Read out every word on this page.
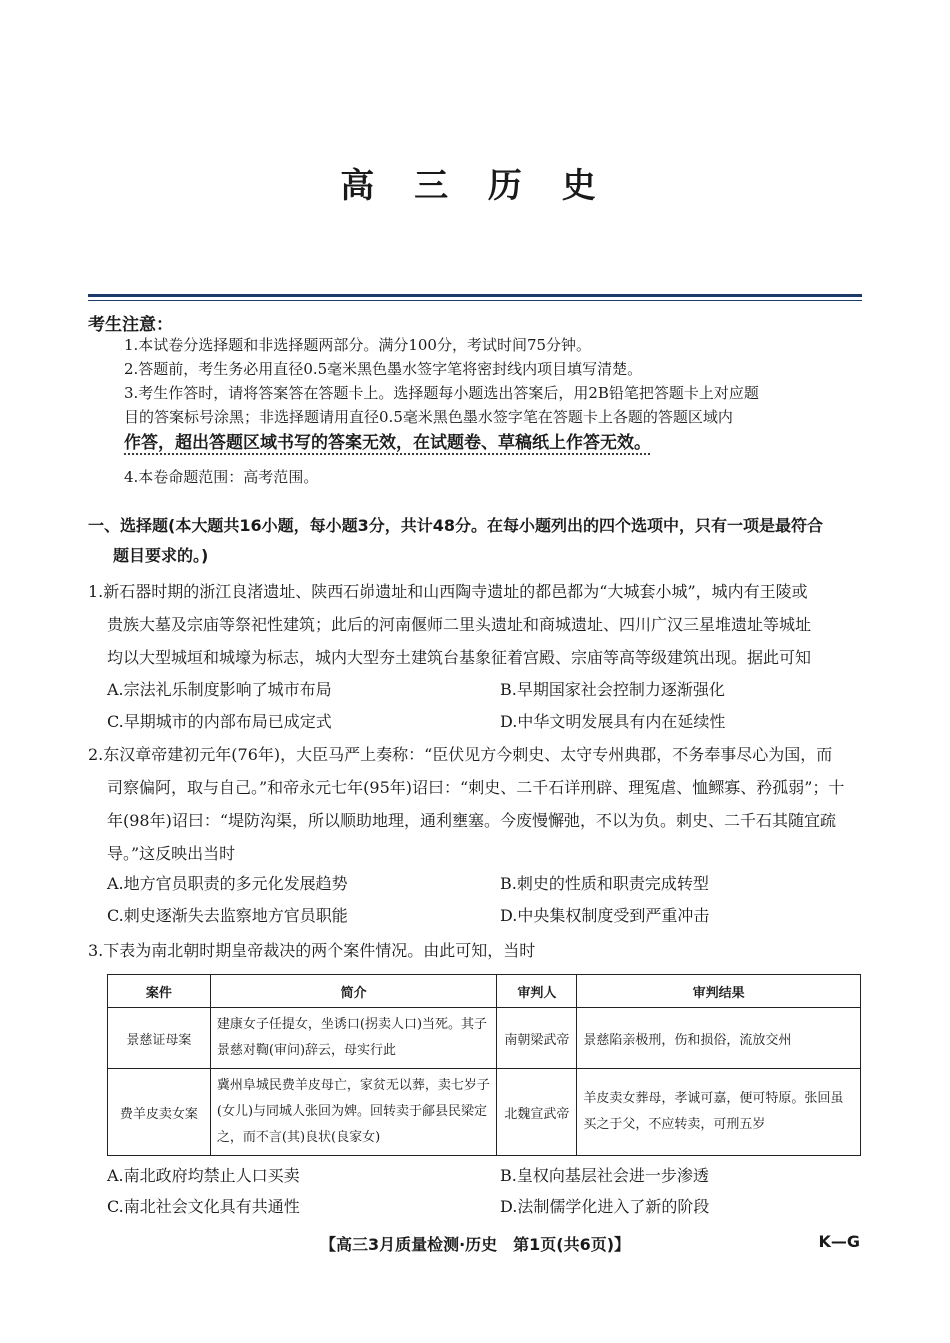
高 三 历 史
考生注意：
1.本试卷分选择题和非选择题两部分。满分100分，考试时间75分钟。
2.答题前，考生务必用直径0.5毫米黑色墨水签字笔将密封线内项目填写清楚。
3.考生作答时，请将答案答在答题卡上。选择题每小题选出答案后，用2B铅笔把答题卡上对应题
目的答案标号涂黑；非选择题请用直径0.5毫米黑色墨水签字笔在答题卡上各题的答题区域内
作答，超出答题区域书写的答案无效，在试题卷、草稿纸上作答无效。
4.本卷命题范围：高考范围。
一、选择题(本大题共16小题，每小题3分，共计48分。在每小题列出的四个选项中，只有一项是最符合
题目要求的。)
1.新石器时期的浙江良渚遗址、陕西石峁遗址和山西陶寺遗址的都邑都为“大城套小城”，城内有王陵或
贵族大墓及宗庙等祭祀性建筑；此后的河南偃师二里头遗址和商城遗址、四川广汉三星堆遗址等城址
均以大型城垣和城壕为标志，城内大型夯土建筑台基象征着宫殿、宗庙等高等级建筑出现。据此可知
A.宗法礼乐制度影响了城市布局	B.早期国家社会控制力逐渐强化
C.早期城市的内部布局已成定式	D.中华文明发展具有内在延续性
2.东汉章帝建初元年(76年)，大臣马严上奏称：“臣伏见方今刺史、太守专州典郡，不务奉事尽心为国，而
司察偏阿，取与自己。”和帝永元七年(95年)诏曰：“刺史、二千石详刑辟、理冤虐、恤鳏寡、矜孤弱”；十
年(98年)诏曰：“堤防沟渠，所以顺助地理，通利壅塞。今废慢懈弛，不以为负。刺史、二千石其随宜疏
导。”这反映出当时
A.地方官员职责的多元化发展趋势	B.刺史的性质和职责完成转型
C.刺史逐渐失去监察地方官员职能	D.中央集权制度受到严重冲击
3.下表为南北朝时期皇帝裁决的两个案件情况。由此可知，当时
案件	简介	审判人	审判结果
景慈证母案	建康女子任提女，坐诱口(拐卖人口)当死。其子景慈对鞫(审问)辞云，母实行此	南朝梁武帝	景慈陷亲极刑，伤和损俗，流放交州
费羊皮卖女案	冀州阜城民费羊皮母亡，家贫无以葬，卖七岁子(女儿)与同城人张回为婢。回转卖于鄃县民梁定之，而不言(其)良状(良家女)	北魏宣武帝	羊皮卖女葬母，孝诚可嘉，便可特原。张回虽买之于父，不应转卖，可刑五岁
A.南北政府均禁止人口买卖	B.皇权向基层社会进一步渗透
C.南北社会文化具有共通性	D.法制儒学化进入了新的阶段
【高三3月质量检测·历史　第1页(共6页)】	K—G
